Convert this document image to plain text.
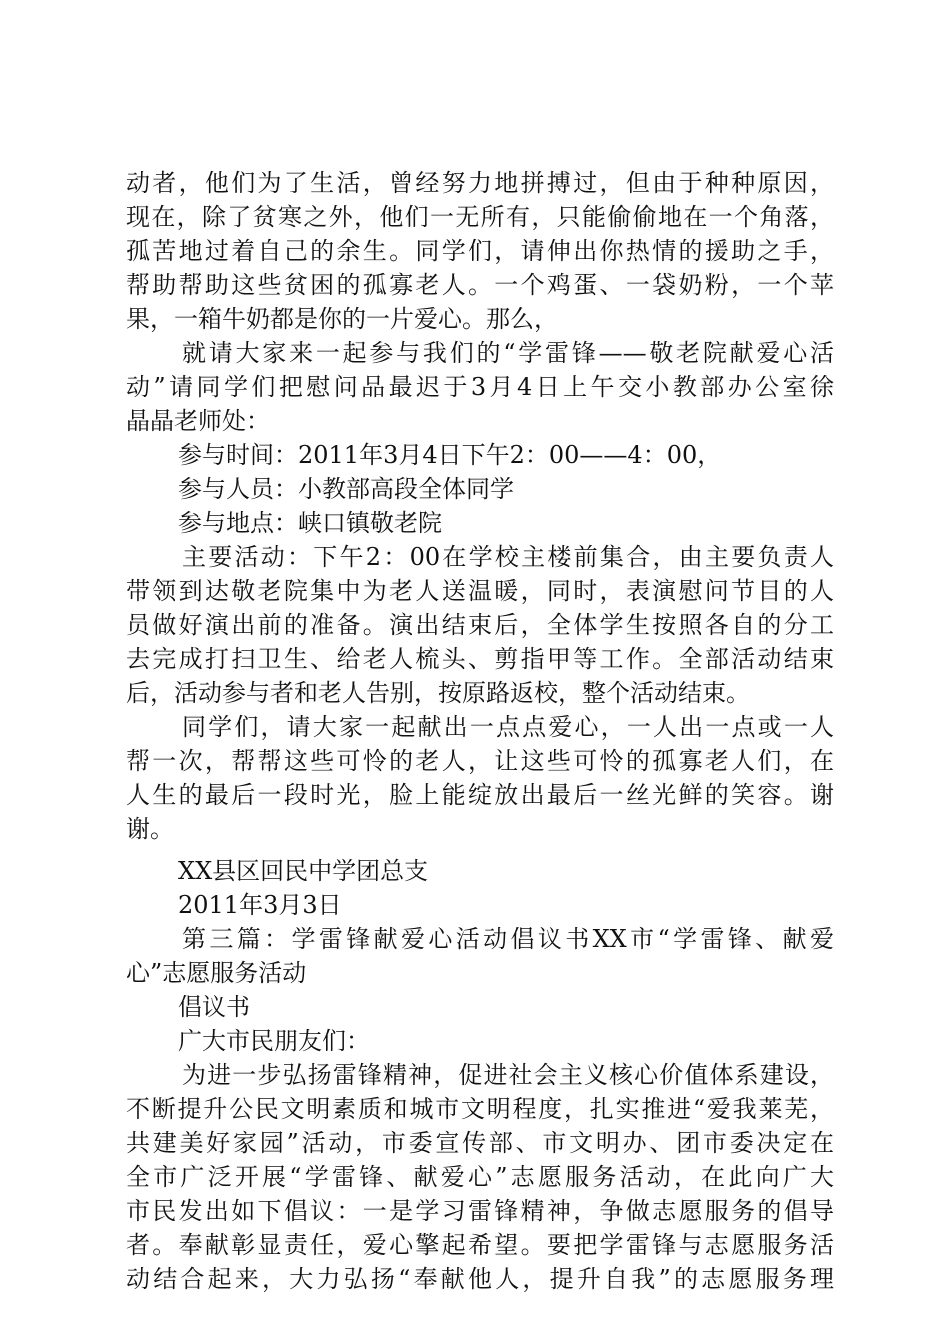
动者，他们为了生活，曾经努力地拼搏过，但由于种种原因，
现在，除了贫寒之外，他们一无所有，只能偷偷地在一个角落，
孤苦地过着自己的余生。同学们，请伸出你热情的援助之手，
帮助帮助这些贫困的孤寡老人。一个鸡蛋、一袋奶粉，一个苹
果，一箱牛奶都是你的一片爱心。那么，
就请大家来一起参与我们的“学雷锋——敬老院献爱心活
动”请同学们把慰问品最迟于3月4日上午交小教部办公室徐
晶晶老师处：
参与时间：2011年3月4日下午2：00——4：00，
参与人员：小教部高段全体同学
参与地点：峡口镇敬老院
主要活动：下午2：00在学校主楼前集合，由主要负责人
带领到达敬老院集中为老人送温暖，同时，表演慰问节目的人
员做好演出前的准备。演出结束后，全体学生按照各自的分工
去完成打扫卫生、给老人梳头、剪指甲等工作。全部活动结束
后，活动参与者和老人告别，按原路返校，整个活动结束。
同学们，请大家一起献出一点点爱心，一人出一点或一人
帮一次，帮帮这些可怜的老人，让这些可怜的孤寡老人们，在
人生的最后一段时光，脸上能绽放出最后一丝光鲜的笑容。谢
谢。
XX县区回民中学团总支
2011年3月3日
第三篇：学雷锋献爱心活动倡议书XX市“学雷锋、献爱
心”志愿服务活动
倡议书
广大市民朋友们：
为进一步弘扬雷锋精神，促进社会主义核心价值体系建设，
不断提升公民文明素质和城市文明程度，扎实推进“爱我莱芜，
共建美好家园”活动，市委宣传部、市文明办、团市委决定在
全市广泛开展“学雷锋、献爱心”志愿服务活动，在此向广大
市民发出如下倡议：一是学习雷锋精神，争做志愿服务的倡导
者。奉献彰显责任，爱心擎起希望。要把学雷锋与志愿服务活
动结合起来，大力弘扬“奉献他人，提升自我”的志愿服务理
